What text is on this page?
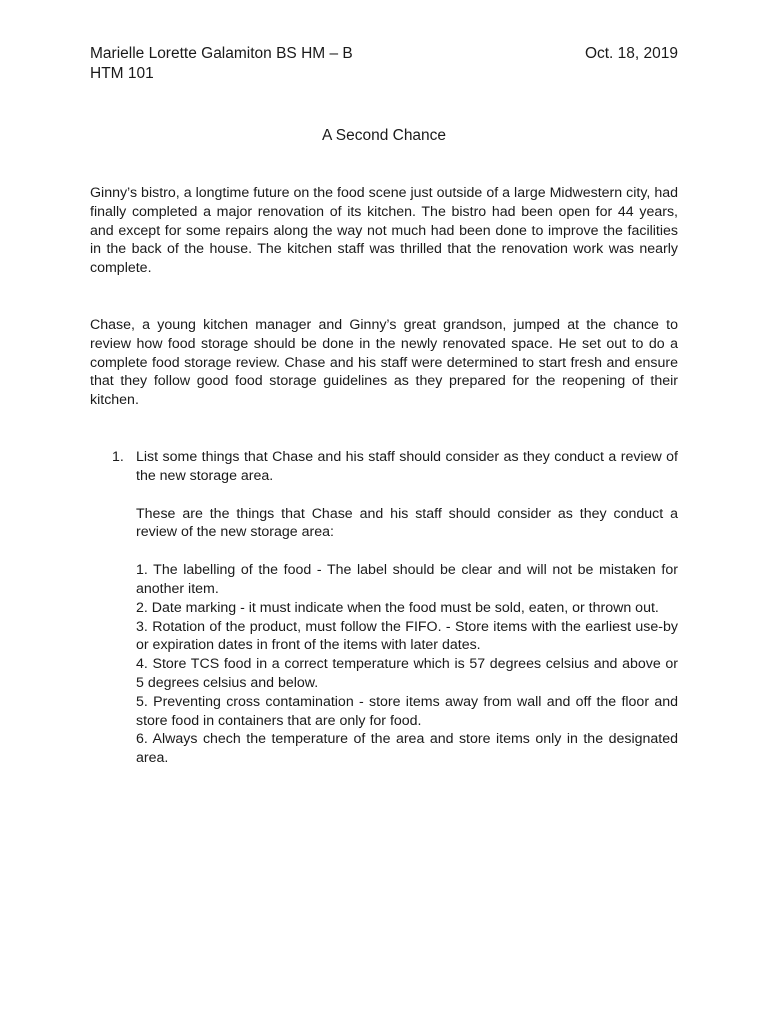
Marielle Lorette Galamiton BS HM – B	Oct. 18, 2019
HTM 101
A Second Chance

Ginny’s bistro, a longtime future on the food scene just outside of a large Midwestern city, had finally completed a major renovation of its kitchen. The bistro had been open for 44 years, and except for some repairs along the way not much had been done to improve the facilities in the back of the house. The kitchen staff was thrilled that the renovation work was nearly complete.

Chase, a young kitchen manager and Ginny’s great grandson, jumped at the chance to review how food storage should be done in the newly renovated space. He set out to do a complete food storage review. Chase and his staff were determined to start fresh and ensure that they follow good food storage guidelines as they prepared for the reopening of their kitchen.

1. List some things that Chase and his staff should consider as they conduct a review of the new storage area.
These are the things that Chase and his staff should consider as they conduct a review of the new storage area:
1. The labelling of the food - The label should be clear and will not be mistaken for another item.
2. Date marking - it must indicate when the food must be sold, eaten, or thrown out.
3. Rotation of the product, must follow the FIFO. - Store items with the earliest use-by or expiration dates in front of the items with later dates.
4. Store TCS food in a correct temperature which is 57 degrees celsius and above or 5 degrees celsius and below.
5. Preventing cross contamination - store items away from wall and off the floor and store food in containers that are only for food.
6. Always chech the temperature of the area and store items only in the designated area.
